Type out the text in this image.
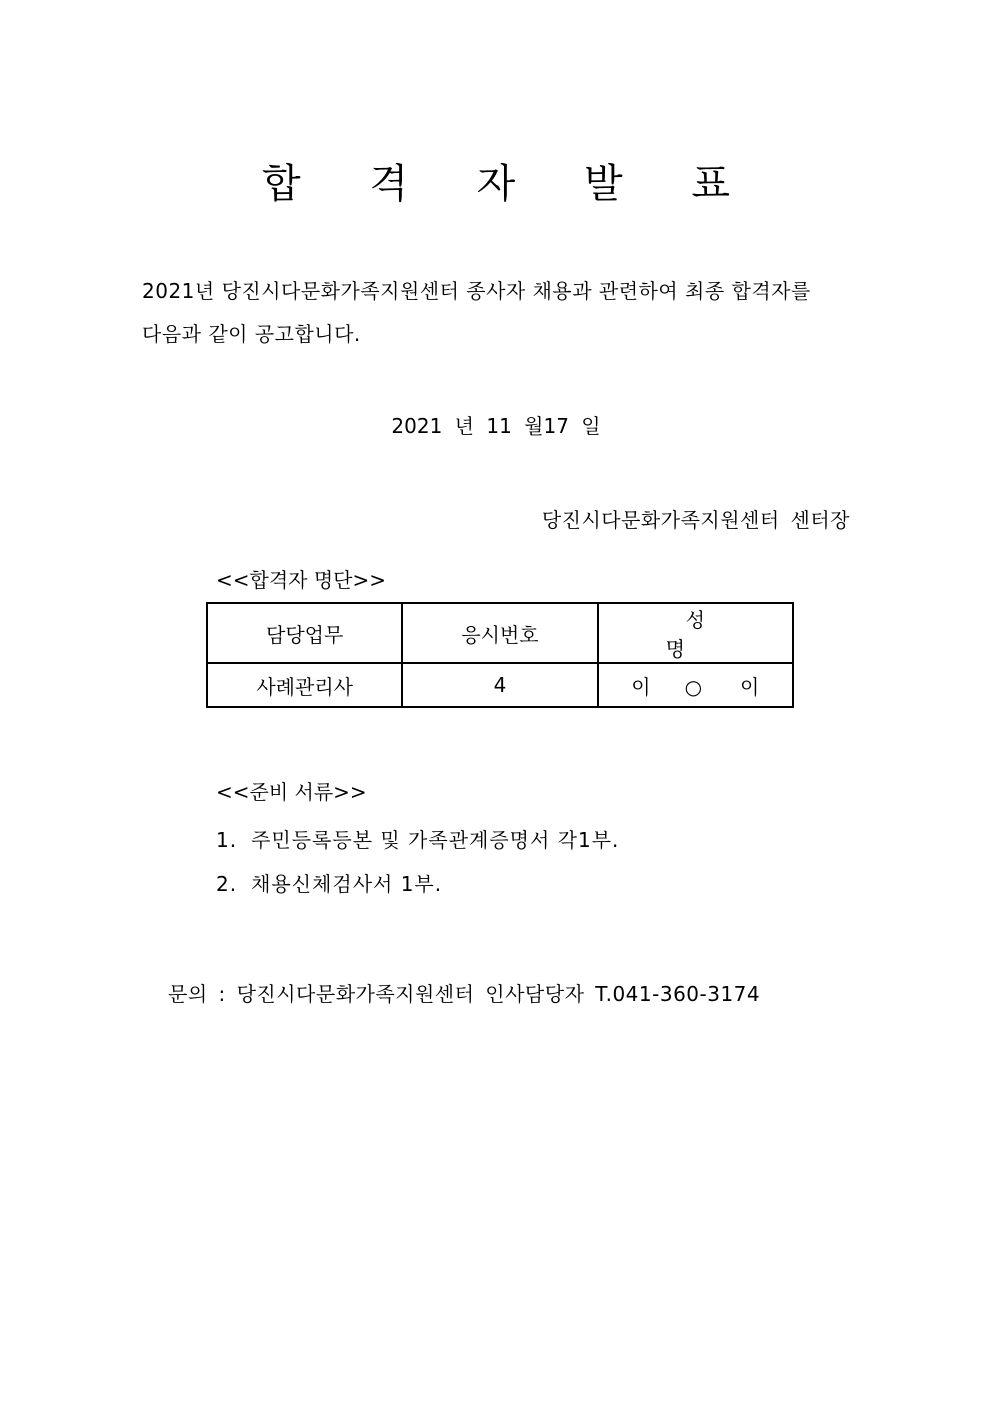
합 격 자 발 표
2021년 당진시다문화가족지원센터 종사자 채용과 관련하여 최종 합격자를
다음과 같이 공고합니다.
2021 년 11 월17 일
당진시다문화가족지원센터 센터장
<<합격자 명단>>
담당업무	응시번호	성 명
사례관리사	4	이 ○ 이
<<준비 서류>>
1. 주민등록등본 및 가족관계증명서 각1부.
2. 채용신체검사서 1부.
문의 : 당진시다문화가족지원센터 인사담당자 T.041-360-3174
